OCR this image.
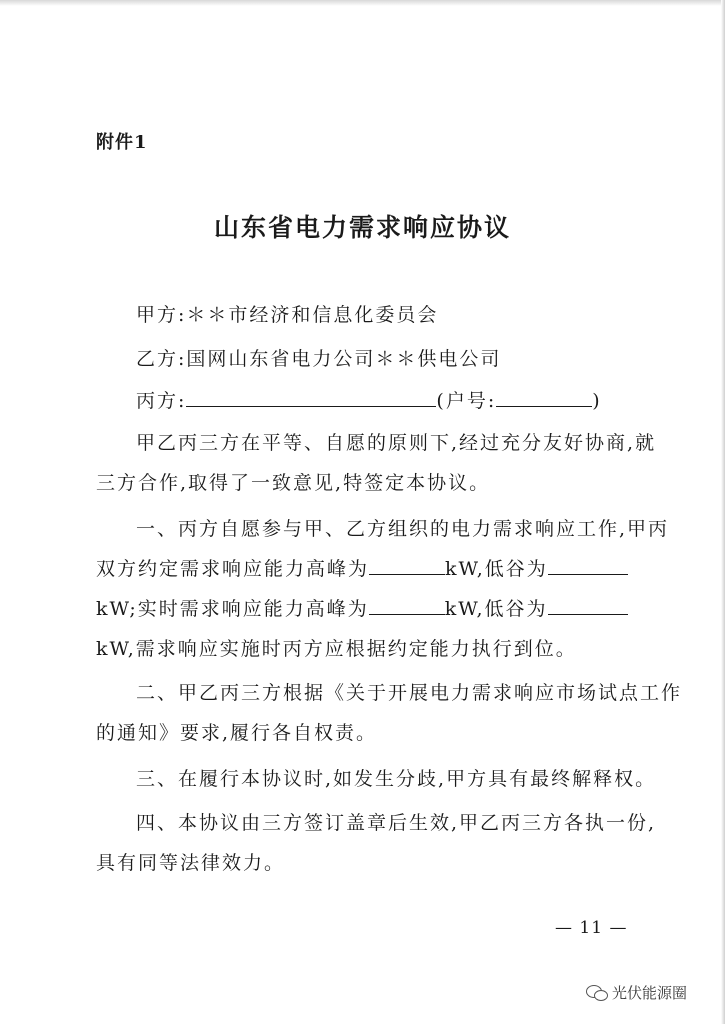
附件1
山东省电力需求响应协议
甲方:＊＊市经济和信息化委员会
乙方:国网山东省电力公司＊＊供电公司
丙方:	(户号:	)
甲乙丙三方在平等、自愿的原则下,经过充分友好协商,就
三方合作,取得了一致意见,特签定本协议。
一、丙方自愿参与甲、乙方组织的电力需求响应工作,甲丙
双方约定需求响应能力高峰为	kW,低谷为
kW;实时需求响应能力高峰为	kW,低谷为
kW,需求响应实施时丙方应根据约定能力执行到位。
二、甲乙丙三方根据《关于开展电力需求响应市场试点工作
的通知》要求,履行各自权责。
三、在履行本协议时,如发生分歧,甲方具有最终解释权。
四、本协议由三方签订盖章后生效,甲乙丙三方各执一份,
具有同等法律效力。
— 11 —
光伏能源圈
